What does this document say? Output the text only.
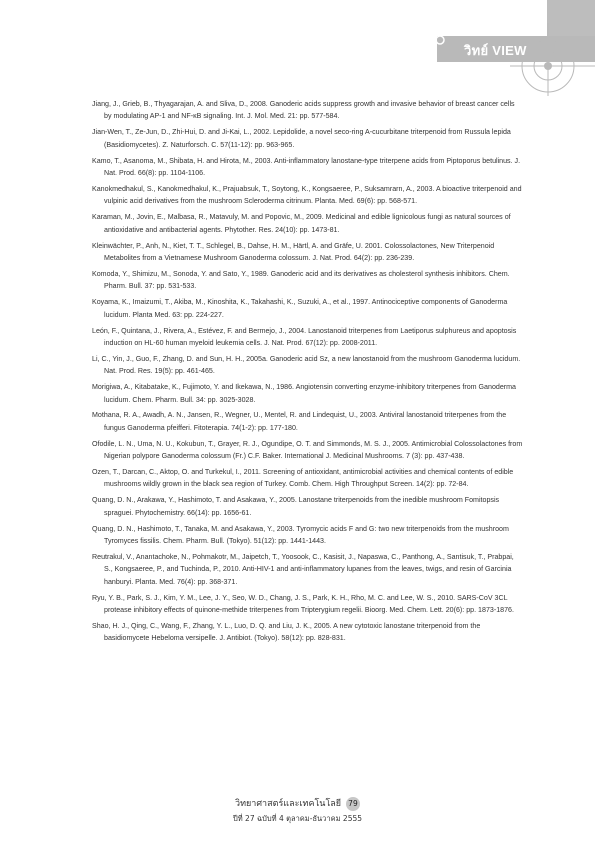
วิทย์ VIEW
Jiang, J., Grieb, B., Thyagarajan, A. and Sliva, D., 2008. Ganoderic acids suppress growth and invasive behavior of breast cancer cells by modulating AP-1 and NF-κB signaling. Int. J. Mol. Med. 21: pp. 577-584.
Jian-Wen, T., Ze-Jun, D., Zhi-Hui, D. and Ji-Kai, L., 2002. Lepidolide, a novel seco-ring A-cucurbitane triterpenoid from Russula lepida (Basidiomycetes). Z. Naturforsch. C. 57(11-12): pp. 963-965.
Kamo, T., Asanoma, M., Shibata, H. and Hirota, M., 2003. Anti-inflammatory lanostane-type triterpene acids from Piptoporus betulinus. J. Nat. Prod. 66(8): pp. 1104-1106.
Kanokmedhakul, S., Kanokmedhakul, K., Prajuabsuk, T., Soytong, K., Kongsaeree, P., Suksamrarn, A., 2003. A bioactive triterpenoid and vulpinic acid derivatives from the mushroom Scleroderma citrinum. Planta. Med. 69(6): pp. 568-571.
Karaman, M., Jovin, E., Malbasa, R., Matavuly, M. and Popovic, M., 2009. Medicinal and edible lignicolous fungi as natural sources of antioxidative and antibacterial agents. Phytother. Res. 24(10): pp. 1473-81.
Kleinwächter, P., Anh, N., Kiet, T. T., Schlegel, B., Dahse, H. M., Härtl, A. and Gräfe, U. 2001. Colossolactones, New Triterpenoid Metabolites from a Vietnamese Mushroom Ganoderma colossum. J. Nat. Prod. 64(2): pp. 236-239.
Komoda, Y., Shimizu, M., Sonoda, Y. and Sato, Y., 1989. Ganoderic acid and its derivatives as cholesterol synthesis inhibitors. Chem. Pharm. Bull. 37: pp. 531-533.
Koyama, K., Imaizumi, T., Akiba, M., Kinoshita, K., Takahashi, K., Suzuki, A., et al., 1997. Antinociceptive components of Ganoderma lucidum. Planta Med. 63: pp. 224-227.
León, F., Quintana, J., Rivera, A., Estévez, F. and Bermejo, J., 2004. Lanostanoid triterpenes from Laetiporus sulphureus and apoptosis induction on HL-60 human myeloid leukemia cells. J. Nat. Prod. 67(12): pp. 2008-2011.
Li, C., Yin, J., Guo, F., Zhang, D. and Sun, H. H., 2005a. Ganoderic acid Sz, a new lanostanoid from the mushroom Ganoderma lucidum. Nat. Prod. Res. 19(5): pp. 461-465.
Morigiwa, A., Kitabatake, K., Fujimoto, Y. and Ikekawa, N., 1986. Angiotensin converting enzyme-inhibitory triterpenes from Ganoderma lucidum. Chem. Pharm. Bull. 34: pp. 3025-3028.
Mothana, R. A., Awadh, A. N., Jansen, R., Wegner, U., Mentel, R. and Lindequist, U., 2003. Antiviral lanostanoid triterpenes from the fungus Ganoderma pfeifferi. Fitoterapia. 74(1-2): pp. 177-180.
Ofodile, L. N., Uma, N. U., Kokubun, T., Grayer, R. J., Ogundipe, O. T. and Simmonds, M. S. J., 2005. Antimicrobial Colossolactones from Nigerian polypore Ganoderma colossum (Fr.) C.F. Baker. International J. Medicinal Mushrooms. 7 (3): pp. 437-438.
Ozen, T., Darcan, C., Aktop, O. and Turkekul, I., 2011. Screening of antioxidant, antimicrobial activities and chemical contents of edible mushrooms wildly grown in the black sea region of Turkey. Comb. Chem. High Throughput Screen. 14(2): pp. 72-84.
Quang, D. N., Arakawa, Y., Hashimoto, T. and Asakawa, Y., 2005. Lanostane triterpenoids from the inedible mushroom Fomitopsis spraguei. Phytochemistry. 66(14): pp. 1656-61.
Quang, D. N., Hashimoto, T., Tanaka, M. and Asakawa, Y., 2003. Tyromycic acids F and G: two new triterpenoids from the mushroom Tyromyces fissilis. Chem. Pharm. Bull. (Tokyo). 51(12): pp. 1441-1443.
Reutrakul, V., Anantachoke, N., Pohmakotr, M., Jaipetch, T., Yoosook, C., Kasisit, J., Napaswa, C., Panthong, A., Santisuk, T., Prabpai, S., Kongsaeree, P., and Tuchinda, P., 2010. Anti-HIV-1 and anti-inflammatory lupanes from the leaves, twigs, and resin of Garcinia hanburyi. Planta. Med. 76(4): pp. 368-371.
Ryu, Y. B., Park, S. J., Kim, Y. M., Lee, J. Y., Seo, W. D., Chang, J. S., Park, K. H., Rho, M. C. and Lee, W. S., 2010. SARS-CoV 3CL protease inhibitory effects of quinone-methide triterpenes from Tripterygium regelii. Bioorg. Med. Chem. Lett. 20(6): pp. 1873-1876.
Shao, H. J., Qing, C., Wang, F., Zhang, Y. L., Luo, D. Q. and Liu, J. K., 2005. A new cytotoxic lanostane triterpenoid from the basidiomycete Hebeloma versipelle. J. Antibiot. (Tokyo). 58(12): pp. 828-831.
วิทยาศาสตร์และเทคโนโลยี 79
ปีที่ 27 ฉบับที่ 4 ตุลาคม-ธันวาคม 2555
